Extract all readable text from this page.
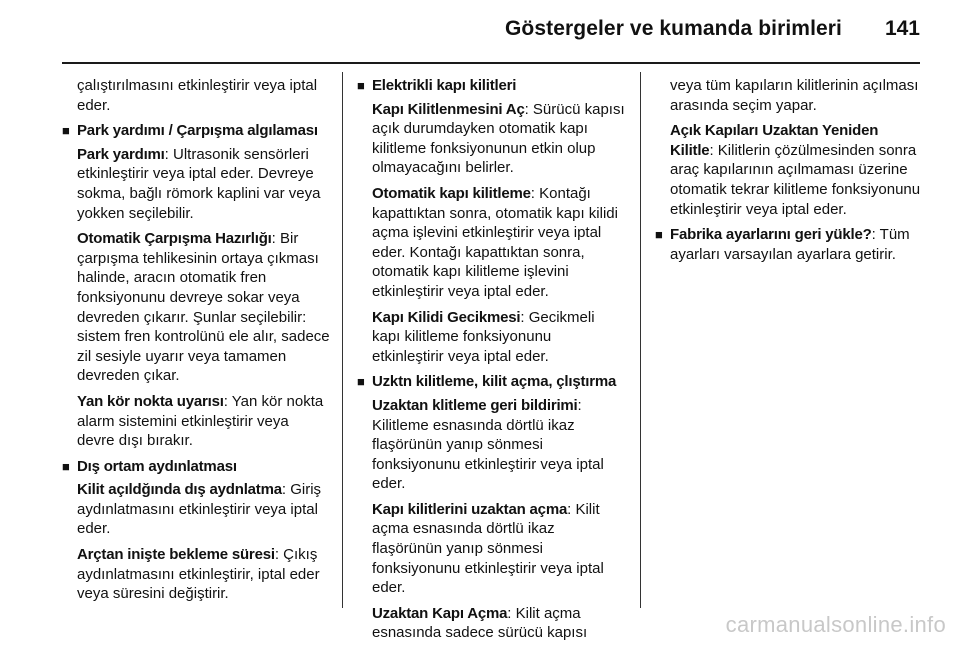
Göstergeler ve kumanda birimleri 141

çalıştırılmasını etkinleştirir veya iptal eder.

■ Park yardımı / Çarpışma algılaması

Park yardımı: Ultrasonik sensörleri etkinleştirir veya iptal eder. Devreye sokma, bağlı römork kaplini var veya yokken seçilebilir.

Otomatik Çarpışma Hazırlığı: Bir çarpışma tehlikesinin ortaya çıkması halinde, aracın otomatik fren fonksiyonunu devreye sokar veya devreden çıkarır. Şunlar seçilebilir: sistem fren kontrolünü ele alır, sadece zil sesiyle uyarır veya tamamen devreden çıkar.

Yan kör nokta uyarısı: Yan kör nokta alarm sistemini etkinleştirir veya devre dışı bırakır.

■ Dış ortam aydınlatması

Kilit açıldğında dış aydnlatma: Giriş aydınlatmasını etkinleştirir veya iptal eder.

Arçtan inişte bekleme süresi: Çıkış aydınlatmasını etkinleştirir, iptal eder veya süresini değiştirir.

■ Elektrikli kapı kilitleri

Kapı Kilitlenmesini Aç: Sürücü kapısı açık durumdayken otomatik kapı kilitleme fonksiyonunun etkin olup olmayacağını belirler.

Otomatik kapı kilitleme: Kontağı kapattıktan sonra, otomatik kapı kilidi açma işlevini etkinleştirir veya iptal eder. Kontağı kapattıktan sonra, otomatik kapı kilitleme işlevini etkinleştirir veya iptal eder.

Kapı Kilidi Gecikmesi: Gecikmeli kapı kilitleme fonksiyonunu etkinleştirir veya iptal eder.

■ Uzktn kilitleme, kilit açma, çlıştırma

Uzaktan klitleme geri bildirimi: Kilitleme esnasında dörtlü ikaz flaşörünün yanıp sönmesi fonksiyonunu etkinleştirir veya iptal eder.

Kapı kilitlerini uzaktan açma: Kilit açma esnasında dörtlü ikaz flaşörünün yanıp sönmesi fonksiyonunu etkinleştirir veya iptal eder.

Uzaktan Kapı Açma: Kilit açma esnasında sadece sürücü kapısı

veya tüm kapıların kilitlerinin açılması arasında seçim yapar.

Açık Kapıları Uzaktan Yeniden Kilitle: Kilitlerin çözülmesinden sonra araç kapılarının açılmaması üzerine otomatik tekrar kilitleme fonksiyonunu etkinleştirir veya iptal eder.

■ Fabrika ayarlarını geri yükle?: Tüm ayarları varsayılan ayarlara getirir.
carmanualsonline.info
